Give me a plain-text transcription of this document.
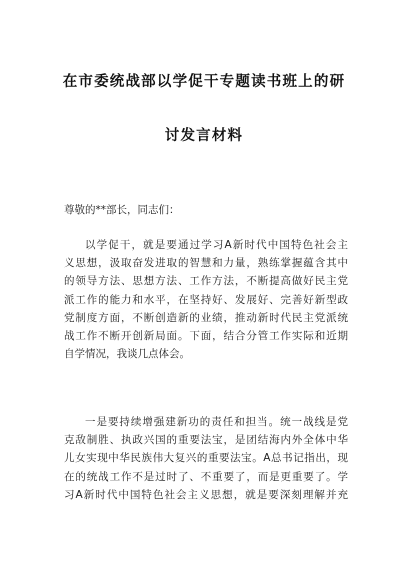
在市委统战部以学促干专题读书班上的研
讨发言材料
尊敬的**部长，同志们：
以学促干，就是要通过学习A新时代中国特色社会主
义思想，汲取奋发进取的智慧和力量，熟练掌握蕴含其中
的领导方法、思想方法、工作方法，不断提高做好民主党
派工作的能力和水平，在坚持好、发展好、完善好新型政
党制度方面，不断创造新的业绩，推动新时代民主党派统
战工作不断开创新局面。下面，结合分管工作实际和近期
自学情况，我谈几点体会。
一是要持续增强建新功的责任和担当。统一战线是党
克敌制胜、执政兴国的重要法宝，是团结海内外全体中华
儿女实现中华民族伟大复兴的重要法宝。A总书记指出，现
在的统战工作不是过时了、不重要了，而是更重要了。学
习A新时代中国特色社会主义思想，就是要深刻理解并充
